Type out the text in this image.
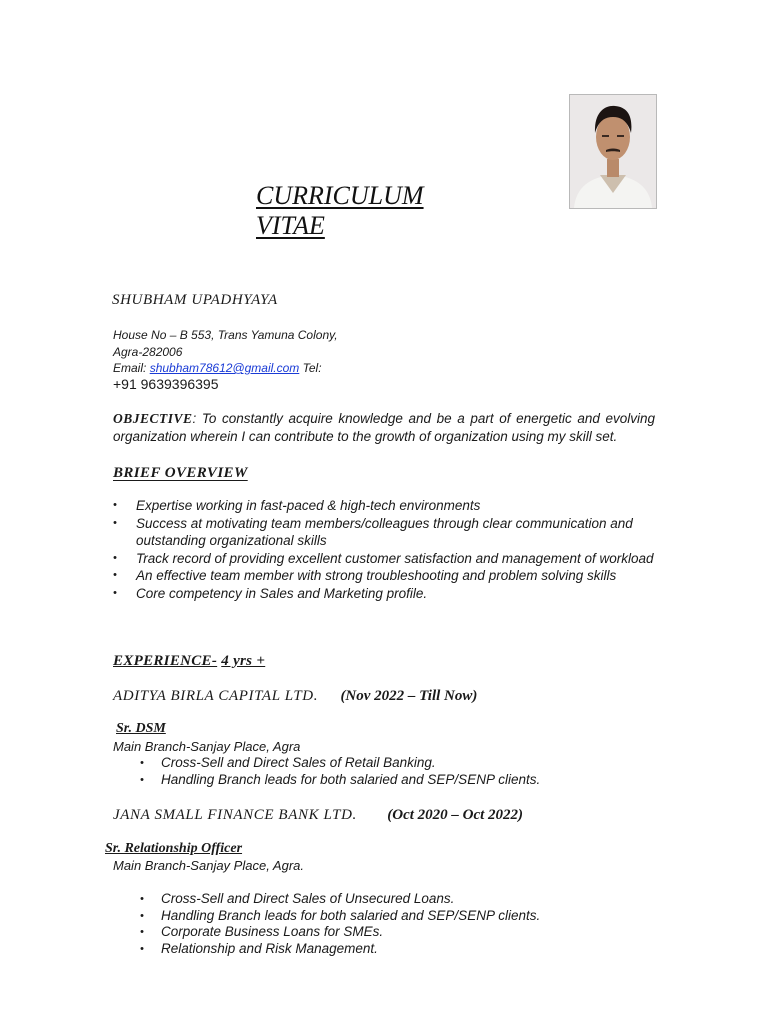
CURRICULUM
VITAE
SHUBHAM UPADHYAYA
House No – B 553, Trans Yamuna Colony,
Agra-282006
Email: shubham78612@gmail.com Tel:
+91 9639396395
OBJECTIVE: To constantly acquire knowledge and be a part of energetic and evolving organization wherein I can contribute to the growth of organization using my skill set.
BRIEF OVERVIEW
• Expertise working in fast-paced & high-tech environments
• Success at motivating team members/colleagues through clear communication and outstanding organizational skills
• Track record of providing excellent customer satisfaction and management of workload
• An effective team member with strong troubleshooting and problem solving skills
• Core competency in Sales and Marketing profile.
EXPERIENCE- 4 yrs +
ADITYA BIRLA CAPITAL LTD. (Nov 2022 – Till Now)
Sr. DSM
Main Branch-Sanjay Place, Agra
• Cross-Sell and Direct Sales of Retail Banking.
• Handling Branch leads for both salaried and SEP/SENP clients.
JANA SMALL FINANCE BANK LTD. (Oct 2020 – Oct 2022)
Sr. Relationship Officer
Main Branch-Sanjay Place, Agra.
• Cross-Sell and Direct Sales of Unsecured Loans.
• Handling Branch leads for both salaried and SEP/SENP clients.
• Corporate Business Loans for SMEs.
• Relationship and Risk Management.
